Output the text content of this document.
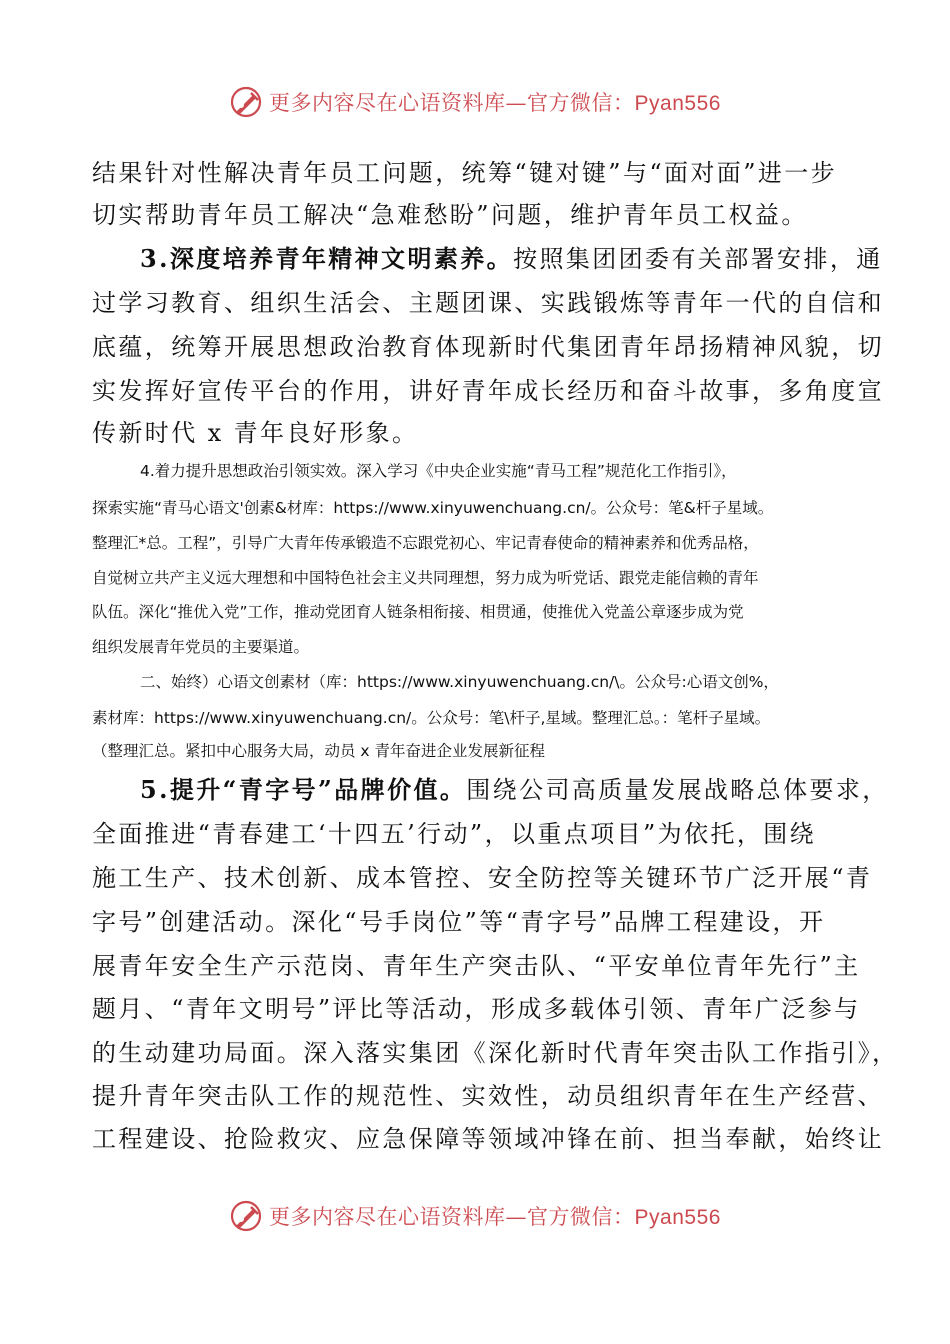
更多内容尽在心语资料库—官方微信：Pyan556

结果针对性解决青年员工问题，统筹“键对键”与“面对面”进一步

切实帮助青年员工解决“急难愁盼”问题，维护青年员工权益。

3.深度培养青年精神文明素养。按照集团团委有关部署安排，通

过学习教育、组织生活会、主题团课、实践锻炼等青年一代的自信和

底蕴，统筹开展思想政治教育体现新时代集团青年昂扬精神风貌，切

实发挥好宣传平台的作用，讲好青年成长经历和奋斗故事，多角度宣

传新时代 x 青年良好形象。

4.着力提升思想政治引领实效。深入学习《中央企业实施“青马工程”规范化工作指引》，

探索实施“青马心语文'创素&材库：https://www.xinyuwenchuang.cn/。公众号：笔&杆子星域。

整理汇*总。工程”，引导广大青年传承锻造不忘跟党初心、牢记青春使命的精神素养和优秀品格，

自觉树立共产主义远大理想和中国特色社会主义共同理想，努力成为听党话、跟党走能信赖的青年

队伍。深化“推优入党”工作，推动党团育人链条相衔接、相贯通，使推优入党盖公章逐步成为党

组织发展青年党员的主要渠道。

二、始终）心语文创素材（库：https://www.xinyuwenchuang.cn/\。公众号:心语文创%，

素材库：https://www.xinyuwenchuang.cn/。公众号：笔\杆子,星域。整理汇总。：笔杆子星域。

（整理汇总。紧扣中心服务大局，动员 x 青年奋进企业发展新征程

5.提升“青字号”品牌价值。围绕公司高质量发展战略总体要求，

全面推进“青春建工‘十四五’行动”，以重点项目”为依托，围绕

施工生产、技术创新、成本管控、安全防控等关键环节广泛开展“青

字号”创建活动。深化“号手岗位”等“青字号”品牌工程建设，开

展青年安全生产示范岗、青年生产突击队、“平安单位青年先行”主

题月、“青年文明号”评比等活动，形成多载体引领、青年广泛参与

的生动建功局面。深入落实集团《深化新时代青年突击队工作指引》，

提升青年突击队工作的规范性、实效性，动员组织青年在生产经营、

工程建设、抢险救灾、应急保障等领域冲锋在前、担当奉献，始终让

更多内容尽在心语资料库—官方微信：Pyan556
